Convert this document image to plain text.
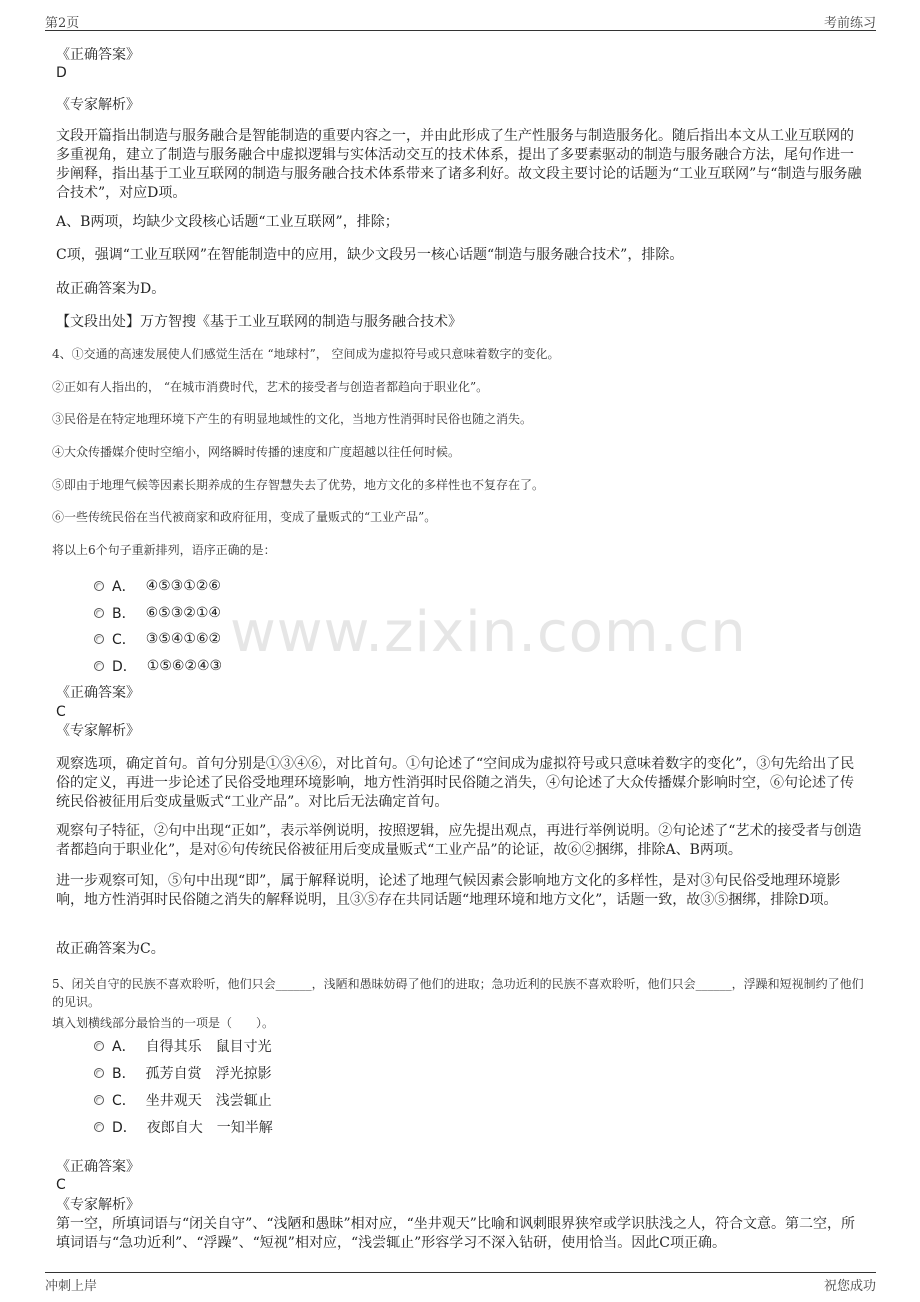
第2页	考前练习
www.zixin.com.cn
《正确答案》
D
《专家解析》
文段开篇指出制造与服务融合是智能制造的重要内容之一，并由此形成了生产性服务与制造服务化。随后指出本文从工业互联网的多重视角，建立了制造与服务融合中虚拟逻辑与实体活动交互的技术体系，提出了多要素驱动的制造与服务融合方法，尾句作进一步阐释，指出基于工业互联网的制造与服务融合技术体系带来了诸多利好。故文段主要讨论的话题为“工业互联网”与“制造与服务融合技术”，对应D项。
A、B两项，均缺少文段核心话题“工业互联网”，排除；
C项，强调“工业互联网”在智能制造中的应用，缺少文段另一核心话题“制造与服务融合技术”，排除。
故正确答案为D。
【文段出处】万方智搜《基于工业互联网的制造与服务融合技术》
4、①交通的高速发展使人们感觉生活在 “地球村”， 空间成为虚拟符号或只意味着数字的变化。
②正如有人指出的， “在城市消费时代，艺术的接受者与创造者都趋向于职业化”。
③民俗是在特定地理环境下产生的有明显地域性的文化，当地方性消弭时民俗也随之消失。
④大众传播媒介使时空缩小，网络瞬时传播的速度和广度超越以往任何时候。
⑤即由于地理气候等因素长期养成的生存智慧失去了优势，地方文化的多样性也不复存在了。
⑥一些传统民俗在当代被商家和政府征用，变成了量贩式的“工业产品”。
将以上6个句子重新排列，语序正确的是：
A． ④⑤③①②⑥
B． ⑥⑤③②①④
C． ③⑤④①⑥②
D． ①⑤⑥②④③
《正确答案》
C
《专家解析》
观察选项，确定首句。首句分别是①③④⑥，对比首句。①句论述了“空间成为虚拟符号或只意味着数字的变化”，③句先给出了民俗的定义，再进一步论述了民俗受地理环境影响，地方性消弭时民俗随之消失，④句论述了大众传播媒介影响时空，⑥句论述了传统民俗被征用后变成量贩式“工业产品”。对比后无法确定首句。
观察句子特征，②句中出现“正如”，表示举例说明，按照逻辑，应先提出观点，再进行举例说明。②句论述了“艺术的接受者与创造者都趋向于职业化”，是对⑥句传统民俗被征用后变成量贩式“工业产品”的论证，故⑥②捆绑，排除A、B两项。
进一步观察可知，⑤句中出现“即”，属于解释说明，论述了地理气候因素会影响地方文化的多样性，是对③句民俗受地理环境影响，地方性消弭时民俗随之消失的解释说明，且③⑤存在共同话题“地理环境和地方文化”，话题一致，故③⑤捆绑，排除D项。
故正确答案为C。
5、闭关自守的民族不喜欢聆听，他们只会______，浅陋和愚昧妨碍了他们的进取；急功近利的民族不喜欢聆听，他们只会______，浮躁和短视制约了他们的见识。
填入划横线部分最恰当的一项是（　　）。
A． 自得其乐　鼠目寸光
B． 孤芳自赏　浮光掠影
C． 坐井观天　浅尝辄止
D． 夜郎自大　一知半解
《正确答案》
C
《专家解析》
第一空，所填词语与“闭关自守”、“浅陋和愚昧”相对应，“坐井观天”比喻和讽刺眼界狭窄或学识肤浅之人，符合文意。第二空，所填词语与“急功近利”、“浮躁”、“短视”相对应，“浅尝辄止”形容学习不深入钻研，使用恰当。因此C项正确。
冲刺上岸	祝您成功
